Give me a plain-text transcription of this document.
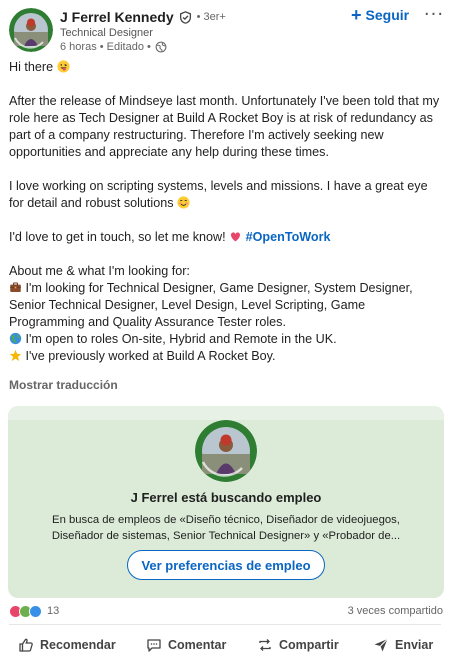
J Ferrel Kennedy • 3er+
Technical Designer
6 horas • Editado •
+ Seguir ···

Hi there

After the release of Mindseye last month. Unfortunately I've been told that my role here as Tech Designer at Build A Rocket Boy is at risk of redundancy as part of a company restructuring. Therefore I'm actively seeking new opportunities and appreciate any help during these times.

I love working on scripting systems, levels and missions. I have a great eye for detail and robust solutions

I'd love to get in touch, so let me know! #OpenToWork

About me & what I'm looking for:

I'm looking for Technical Designer, Game Designer, System Designer, Senior Technical Designer, Level Design, Level Scripting, Game Programming and Quality Assurance Tester roles.

I'm open to roles On-site, Hybrid and Remote in the UK.

I've previously worked at Build A Rocket Boy.

Mostrar traducción
J Ferrel está buscando empleo
En busca de empleos de «Diseño técnico, Diseñador de videojuegos, Diseñador de sistemas, Senior Technical Designer» y «Probador de...
Ver preferencias de empleo
13	3 veces compartido
Recomendar	Comentar	Compartir	Enviar
